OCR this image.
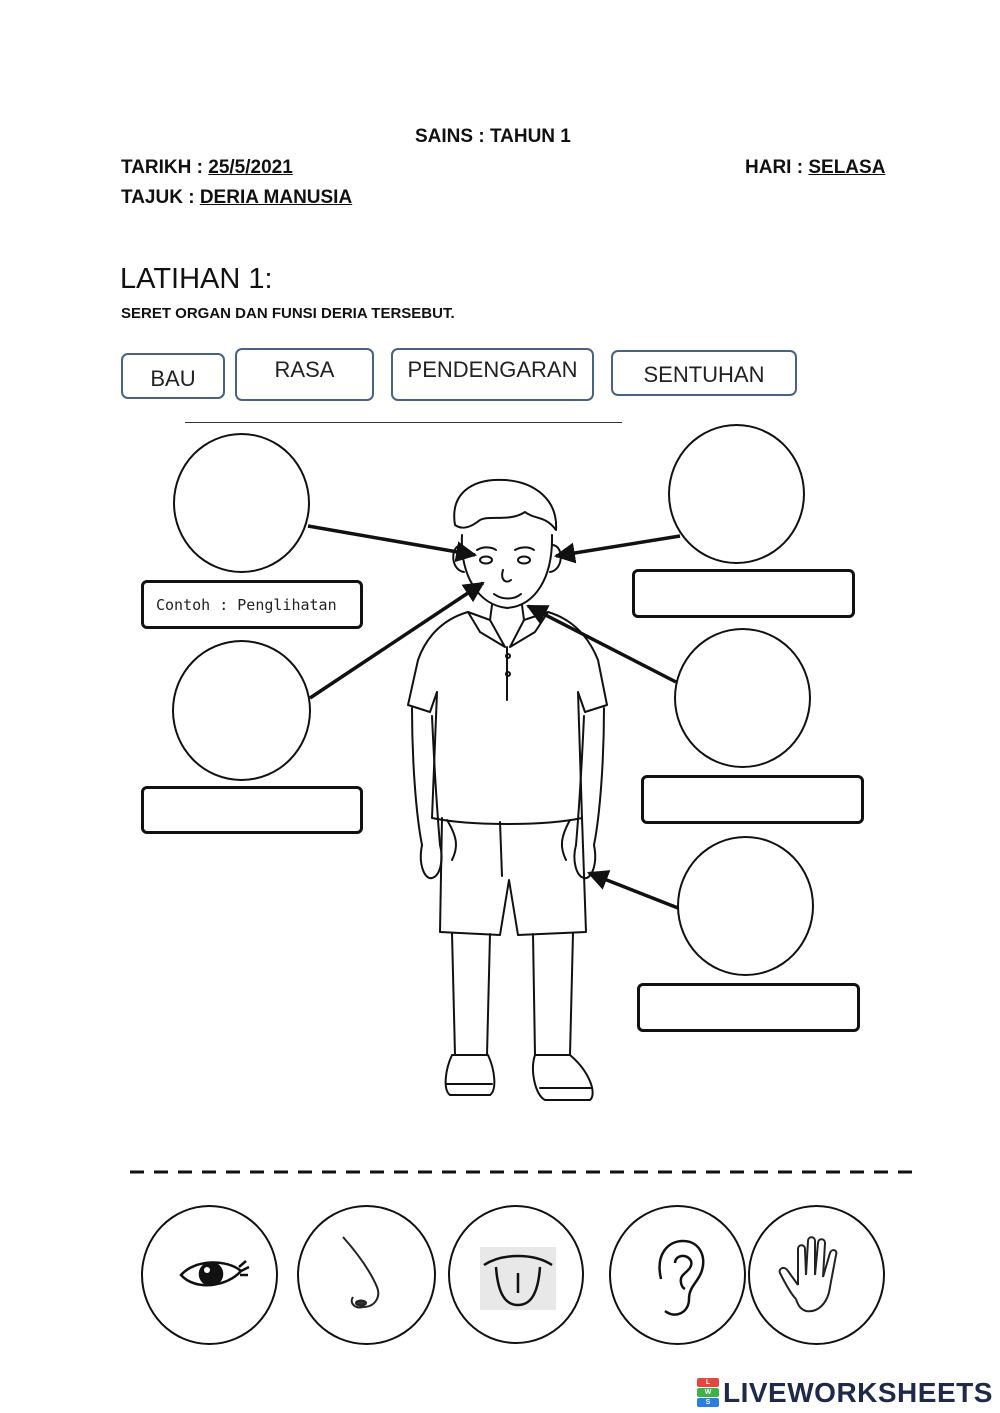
SAINS : TAHUN 1
TARIKH : 25/5/2021	HARI : SELASA
TAJUK : DERIA MANUSIA
LATIHAN 1:
SERET ORGAN DAN FUNSI DERIA TERSEBUT.
BAU	RASA	PENDENGARAN	SENTUHAN
Contoh : Penglihatan
L
W
S LIVEWORKSHEETS
